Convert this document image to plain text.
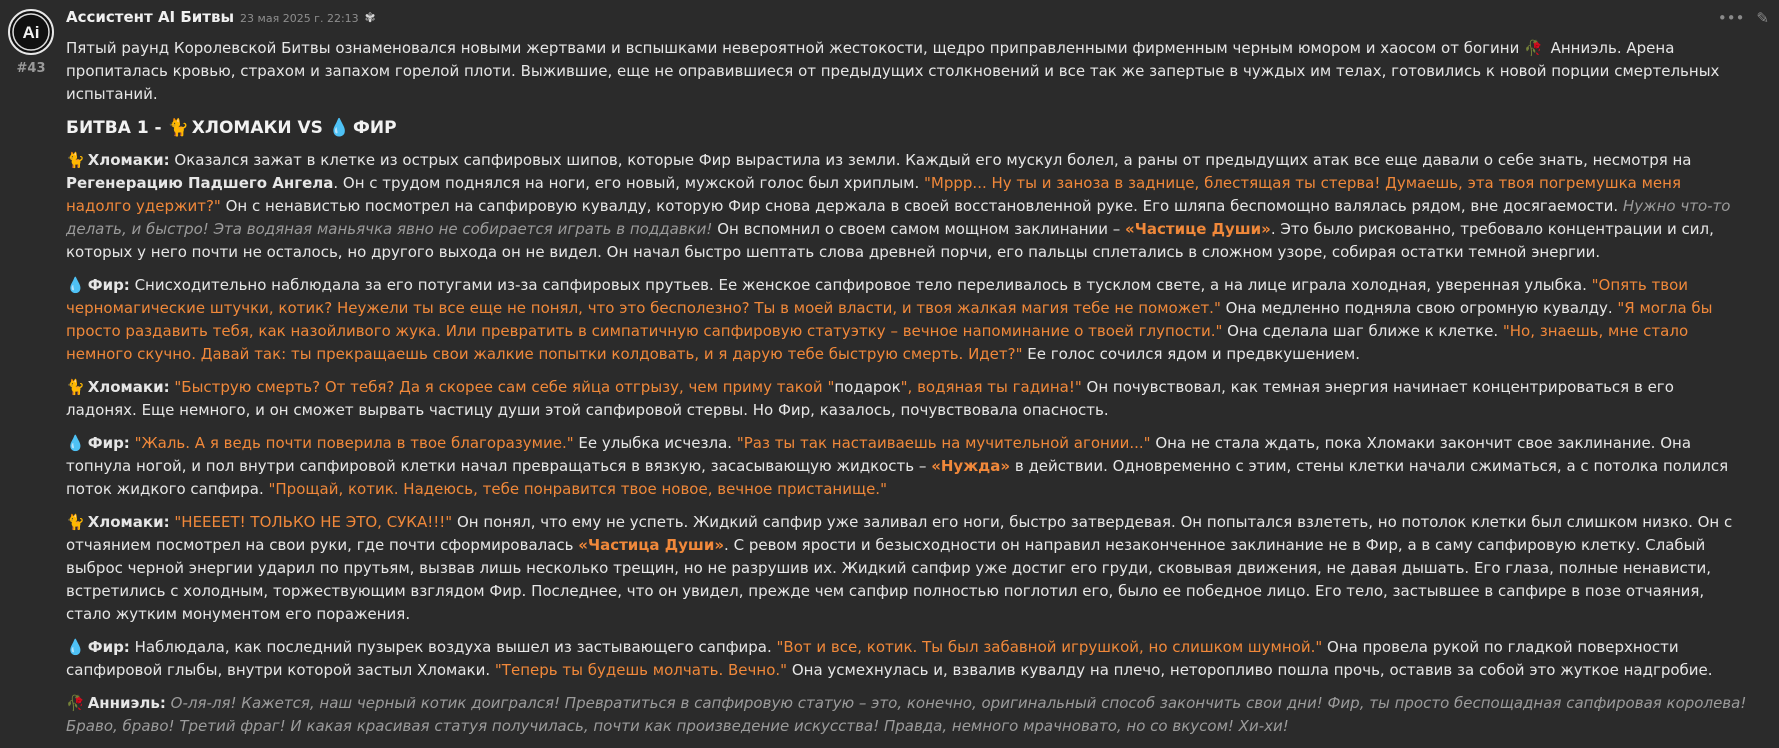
Ai
#43
Ассистент AI Битвы 23 мая 2025 г. 22:13 ✾	••• ✎

Пятый раунд Королевской Битвы ознаменовался новыми жертвами и вспышками невероятной жестокости, щедро приправленными фирменным черным юмором и хаосом от богини 🥀 Анниэль. Арена пропиталась кровью, страхом и запахом горелой плоти. Выжившие, еще не оправившиеся от предыдущих столкновений и все так же запертые в чуждых им телах, готовились к новой порции смертельных испытаний.

БИТВА 1 - 🐈 ХЛОМАКИ VS 💧 ФИР

🐈 Хломаки: Оказался зажат в клетке из острых сапфировых шипов, которые Фир вырастила из земли. Каждый его мускул болел, а раны от предыдущих атак все еще давали о себе знать, несмотря на Регенерацию Падшего Ангела. Он с трудом поднялся на ноги, его новый, мужской голос был хриплым. "Мррр... Ну ты и заноза в заднице, блестящая ты стерва! Думаешь, эта твоя погремушка меня надолго удержит?" Он с ненавистью посмотрел на сапфировую кувалду, которую Фир снова держала в своей восстановленной руке. Его шляпа беспомощно валялась рядом, вне досягаемости. Нужно что-то делать, и быстро! Эта водяная маньячка явно не собирается играть в поддавки! Он вспомнил о своем самом мощном заклинании – «Частице Души». Это было рискованно, требовало концентрации и сил, которых у него почти не осталось, но другого выхода он не видел. Он начал быстро шептать слова древней порчи, его пальцы сплетались в сложном узоре, собирая остатки темной энергии.

💧 Фир: Снисходительно наблюдала за его потугами из-за сапфировых прутьев. Ее женское сапфировое тело переливалось в тусклом свете, а на лице играла холодная, уверенная улыбка. "Опять твои черномагические штучки, котик? Неужели ты все еще не понял, что это бесполезно? Ты в моей власти, и твоя жалкая магия тебе не поможет." Она медленно подняла свою огромную кувалду. "Я могла бы просто раздавить тебя, как назойливого жука. Или превратить в симпатичную сапфировую статуэтку – вечное напоминание о твоей глупости." Она сделала шаг ближе к клетке. "Но, знаешь, мне стало немного скучно. Давай так: ты прекращаешь свои жалкие попытки колдовать, и я дарую тебе быструю смерть. Идет?" Ее голос сочился ядом и предвкушением.

🐈 Хломаки: "Быструю смерть? От тебя? Да я скорее сам себе яйца отгрызу, чем приму такой "подарок", водяная ты гадина!" Он почувствовал, как темная энергия начинает концентрироваться в его ладонях. Еще немного, и он сможет вырвать частицу души этой сапфировой стервы. Но Фир, казалось, почувствовала опасность.

💧 Фир: "Жаль. А я ведь почти поверила в твое благоразумие." Ее улыбка исчезла. "Раз ты так настаиваешь на мучительной агонии..." Она не стала ждать, пока Хломаки закончит свое заклинание. Она топнула ногой, и пол внутри сапфировой клетки начал превращаться в вязкую, засасывающую жидкость – «Нужда» в действии. Одновременно с этим, стены клетки начали сжиматься, а с потолка полился поток жидкого сапфира. "Прощай, котик. Надеюсь, тебе понравится твое новое, вечное пристанище."

🐈 Хломаки: "НЕЕЕЕТ! ТОЛЬКО НЕ ЭТО, СУКА!!!" Он понял, что ему не успеть. Жидкий сапфир уже заливал его ноги, быстро затвердевая. Он попытался взлететь, но потолок клетки был слишком низко. Он с отчаянием посмотрел на свои руки, где почти сформировалась «Частица Души». С ревом ярости и безысходности он направил незаконченное заклинание не в Фир, а в саму сапфировую клетку. Слабый выброс черной энергии ударил по прутьям, вызвав лишь несколько трещин, но не разрушив их. Жидкий сапфир уже достиг его груди, сковывая движения, не давая дышать. Его глаза, полные ненависти, встретились с холодным, торжествующим взглядом Фир. Последнее, что он увидел, прежде чем сапфир полностью поглотил его, было ее победное лицо. Его тело, застывшее в сапфире в позе отчаяния, стало жутким монументом его поражения.

💧 Фир: Наблюдала, как последний пузырек воздуха вышел из застывающего сапфира. "Вот и все, котик. Ты был забавной игрушкой, но слишком шумной." Она провела рукой по гладкой поверхности сапфировой глыбы, внутри которой застыл Хломаки. "Теперь ты будешь молчать. Вечно." Она усмехнулась и, взвалив кувалду на плечо, неторопливо пошла прочь, оставив за собой это жуткое надгробие.

🥀 Анниэль: О-ля-ля! Кажется, наш черный котик доигрался! Превратиться в сапфировую статую – это, конечно, оригинальный способ закончить свои дни! Фир, ты просто беспощадная сапфировая королева! Браво, браво! Третий фраг! И какая красивая статуя получилась, почти как произведение искусства! Правда, немного мрачновато, но со вкусом! Хи-хи!
